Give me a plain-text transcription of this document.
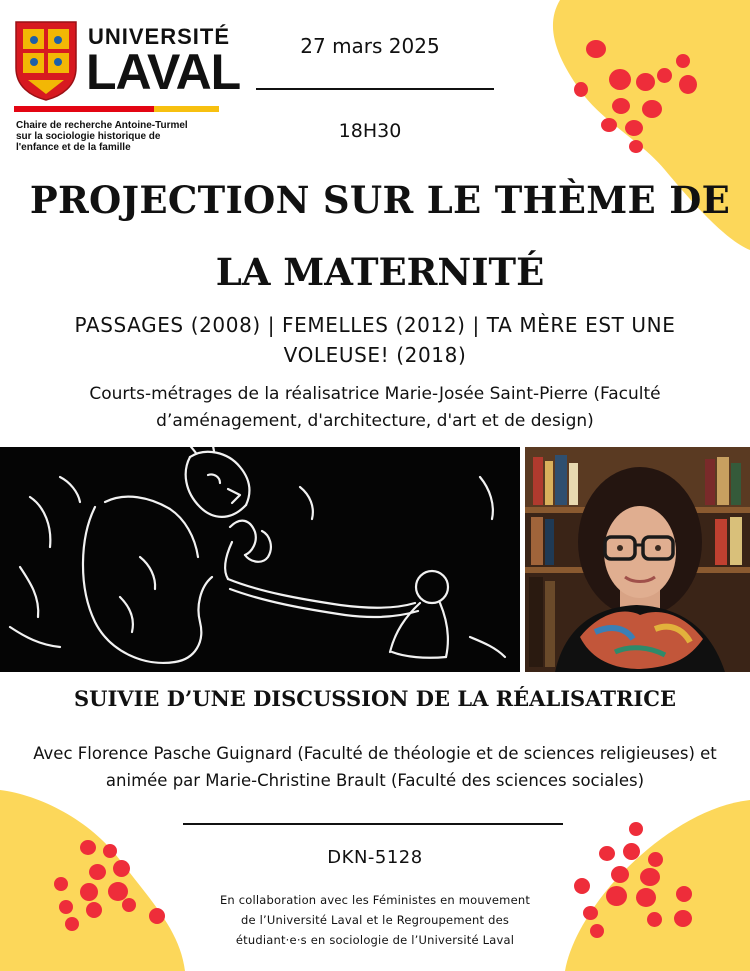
UNIVERSITÉ
LAVAL
Chaire de recherche Antoine-Turmel
sur la sociologie historique de
l'enfance et de la famille
27 mars 2025
18H30
PROJECTION SUR LE THÈME DE
LA MATERNITÉ
PASSAGES (2008) | FEMELLES (2012) | TA MÈRE EST UNE
VOLEUSE! (2018)
Courts-métrages de la réalisatrice Marie-Josée Saint-Pierre (Faculté
d’aménagement, d'architecture, d'art et de design)
SUIVIE D’UNE DISCUSSION DE LA RÉALISATRICE
Avec Florence Pasche Guignard (Faculté de théologie et de sciences religieuses) et
animée par Marie-Christine Brault (Faculté des sciences sociales)
DKN-5128
En collaboration avec les Féministes en mouvement
de l’Université Laval et le Regroupement des
étudiant·e·s en sociologie de l’Université Laval
